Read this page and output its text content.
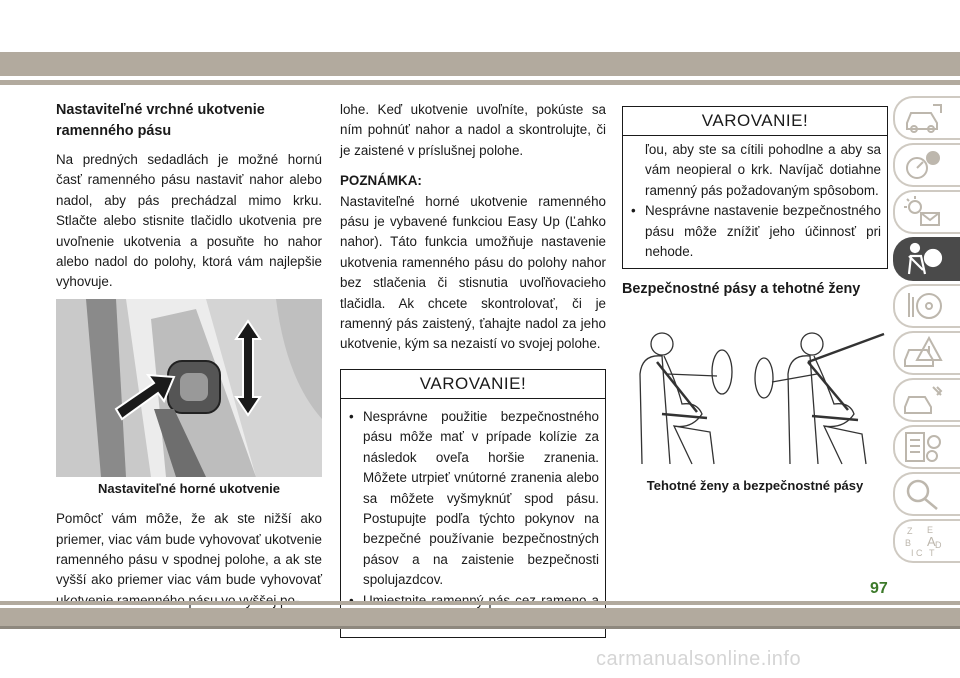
Nastaviteľné vrchné ukotvenie ramenného pásu

Na predných sedadlách je možné hornú časť ramenného pásu nastaviť nahor alebo nadol, aby pás prechádzal mimo krku. Stlačte alebo stisnite tlačidlo ukotvenia pre uvoľnenie ukotvenia a posuňte ho nahor alebo nadol do polohy, ktorá vám najlepšie vyhovuje.

Nastaviteľné horné ukotvenie

Pomôcť vám môže, že ak ste nižší ako priemer, viac vám bude vyhovovať ukotvenie ramenného pásu v spodnej polohe, a ak ste vyšší ako priemer viac vám bude vyhovovať

lohe. Keď ukotvenie uvoľníte, pokúste sa ním pohnúť nahor a nadol a skontrolujte, či je zaistené v príslušnej polohe.

POZNÁMKA:

Nastaviteľné horné ukotvenie ramenného pásu je vybavené funkciou Easy Up (Ľahko nahor). Táto funkcia umožňuje nastavenie ukotvenia ramenného pásu do polohy nahor bez stlačenia či stisnutia uvoľňovacieho tlačidla. Ak chcete skontrolovať, či je ramenný pás zaistený, ťahajte nadol za jeho ukotvenie, kým sa nezaistí vo svojej polohe.

VAROVANIE!
• Nesprávne použitie bezpečnostného pásu môže mať v prípade kolízie za následok oveľa horšie zranenia. Môžete utrpieť vnútorné zranenia alebo sa môžete vyšmyknúť spod pásu. Postupujte podľa týchto pokynov na bezpečné používanie bezpečnostných pásov a na zaistenie bezpečnosti spolujazdcov.
•
VAROVANIE!
ľou, aby ste sa cítili pohodlne a aby sa vám neopieral o krk. Navíjač dotiahne ramenný pás požadovaným spôsobom.
• Nesprávne nastavenie bezpečnostného pásu môže znížiť jeho účinnosť pri nehode.
Bezpečnostné pásy a tehotné ženy
Tehotné ženy a bezpečnostné pásy
Z E
B A
I C T
D
97
carmanualsonline.info
